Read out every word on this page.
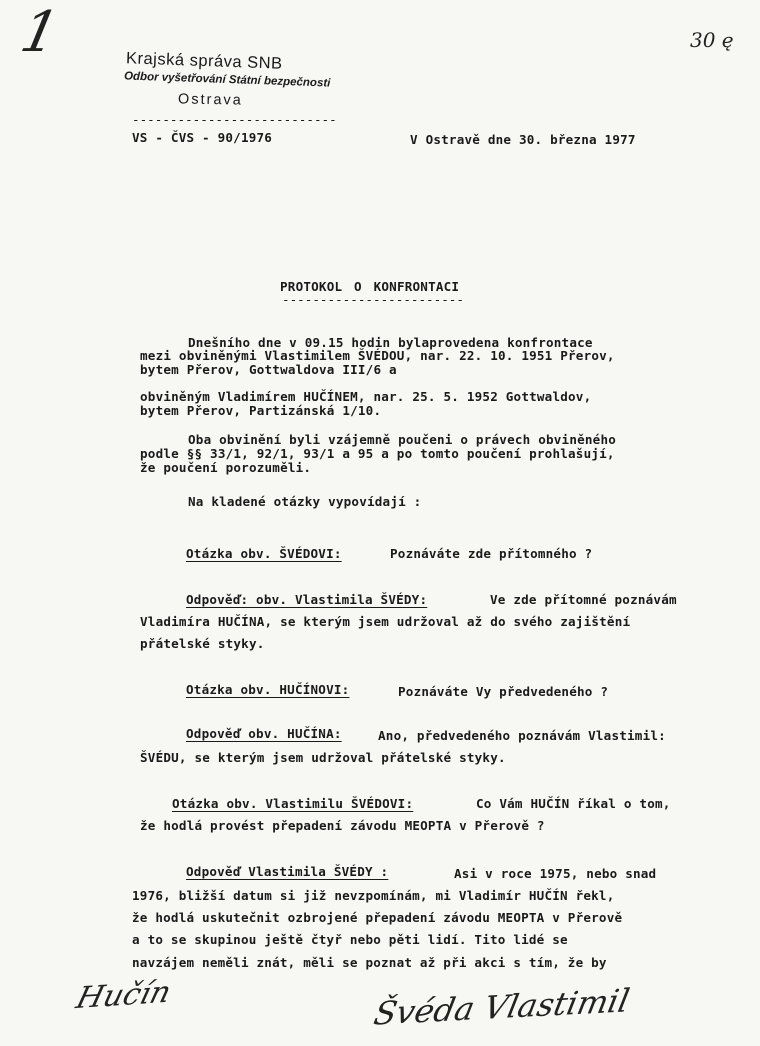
1	30 ę
Krajská správa SNB
Odbor vyšetřování Státní bezpečnosti
Ostrava
---------------------------
VS - ČVS - 90/1976	V Ostravě dne 30. března 1977
PROTOKOL O KONFRONTACI
------------------------
Dnešního dne v 09.15 hodin bylaprovedena konfrontace
mezi obviněnými Vlastimilem ŠVÉDOU, nar. 22. 10. 1951 Přerov,
bytem Přerov, Gottwaldova III/6 a
obviněným Vladimírem HUČÍNEM, nar. 25. 5. 1952 Gottwaldov,
bytem Přerov, Partizánská 1/10.
Oba obvinění byli vzájemně poučeni o právech obviněného
podle §§ 33/1, 92/1, 93/1 a 95 a po tomto poučení prohlašují,
že poučení porozuměli.
Na kladené otázky vypovídají :
Otázka obv. ŠVÉDOVI:	Poznáváte zde přítomného ?
Odpověď: obv. Vlastimila ŠVÉDY:	Ve zde přítomné poznávám
Vladimíra HUČÍNA, se kterým jsem udržoval až do svého zajištění
přátelské styky.
Otázka obv. HUČÍNOVI:	Poznáváte Vy předvedeného ?
Odpověď obv. HUČÍNA:	Ano, předvedeného poznávám Vlastimil:
ŠVÉDU, se kterým jsem udržoval přátelské styky.
Otázka obv. Vlastimilu ŠVÉDOVI:	Co Vám HUČÍN říkal o tom,
že hodlá provést přepadení závodu MEOPTA v Přerově ?
Odpověď Vlastimila ŠVÉDY :	Asi v roce 1975, nebo snad
1976, bližší datum si již nevzpomínám, mi Vladimír HUČÍN řekl,
že hodlá uskutečnit ozbrojené přepadení závodu MEOPTA v Přerově
a to se skupinou ještě čtyř nebo pěti lidí. Tito lidé se
navzájem neměli znát, měli se poznat až při akci s tím, že by
Hučín	Švéda Vlastimil
